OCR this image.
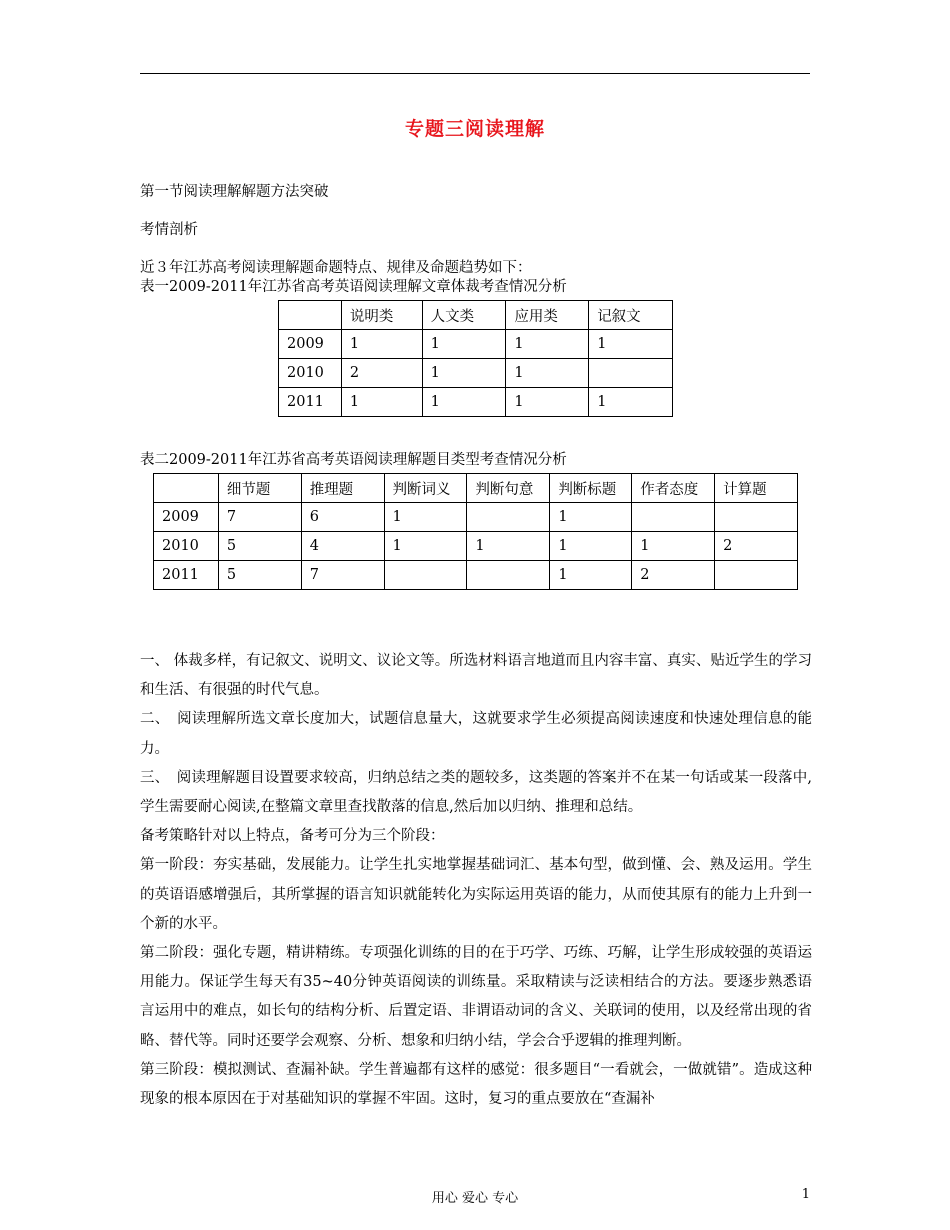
专题三阅读理解
第一节阅读理解解题方法突破
考情剖析
近３年江苏高考阅读理解题命题特点、规律及命题趋势如下：
表一2009-2011年江苏省高考英语阅读理解文章体裁考查情况分析
	说明类	人文类	应用类	记叙文
2009	1	1	1	1
2010	2	1	1	
2011	1	1	1	1
表二2009-2011年江苏省高考英语阅读理解题目类型考查情况分析
	细节题	推理题	判断词义	判断句意	判断标题	作者态度	计算题
2009	7	6	1		1		
2010	5	4	1	1	1	1	2
2011	5	7			1	2	

一、 体裁多样，有记叙文、说明文、议论文等。所选材料语言地道而且内容丰富、真实、贴近学生的学习和生活、有很强的时代气息。

二、　阅读理解所选文章长度加大，试题信息量大，这就要求学生必须提高阅读速度和快速处理信息的能力。

三、　阅读理解题目设置要求较高，归纳总结之类的题较多，这类题的答案并不在某一句话或某一段落中,学生需要耐心阅读,在整篇文章里查找散落的信息,然后加以归纳、推理和总结。

备考策略针对以上特点，备考可分为三个阶段：

第一阶段：夯实基础，发展能力。让学生扎实地掌握基础词汇、基本句型，做到懂、会、熟及运用。学生的英语语感增强后，其所掌握的语言知识就能转化为实际运用英语的能力，从而使其原有的能力上升到一个新的水平。

第二阶段：强化专题，精讲精练。专项强化训练的目的在于巧学、巧练、巧解，让学生形成较强的英语运用能力。保证学生每天有35~40分钟英语阅读的训练量。采取精读与泛读相结合的方法。要逐步熟悉语言运用中的难点，如长句的结构分析、后置定语、非谓语动词的含义、关联词的使用，以及经常出现的省略、替代等。同时还要学会观察、分析、想象和归纳小结，学会合乎逻辑的推理判断。

第三阶段：模拟测试、查漏补缺。学生普遍都有这样的感觉：很多题目“一看就会，一做就错”。造成这种现象的根本原因在于对基础知识的掌握不牢固。这时，复习的重点要放在“查漏补

用心 爱心 专心	1
